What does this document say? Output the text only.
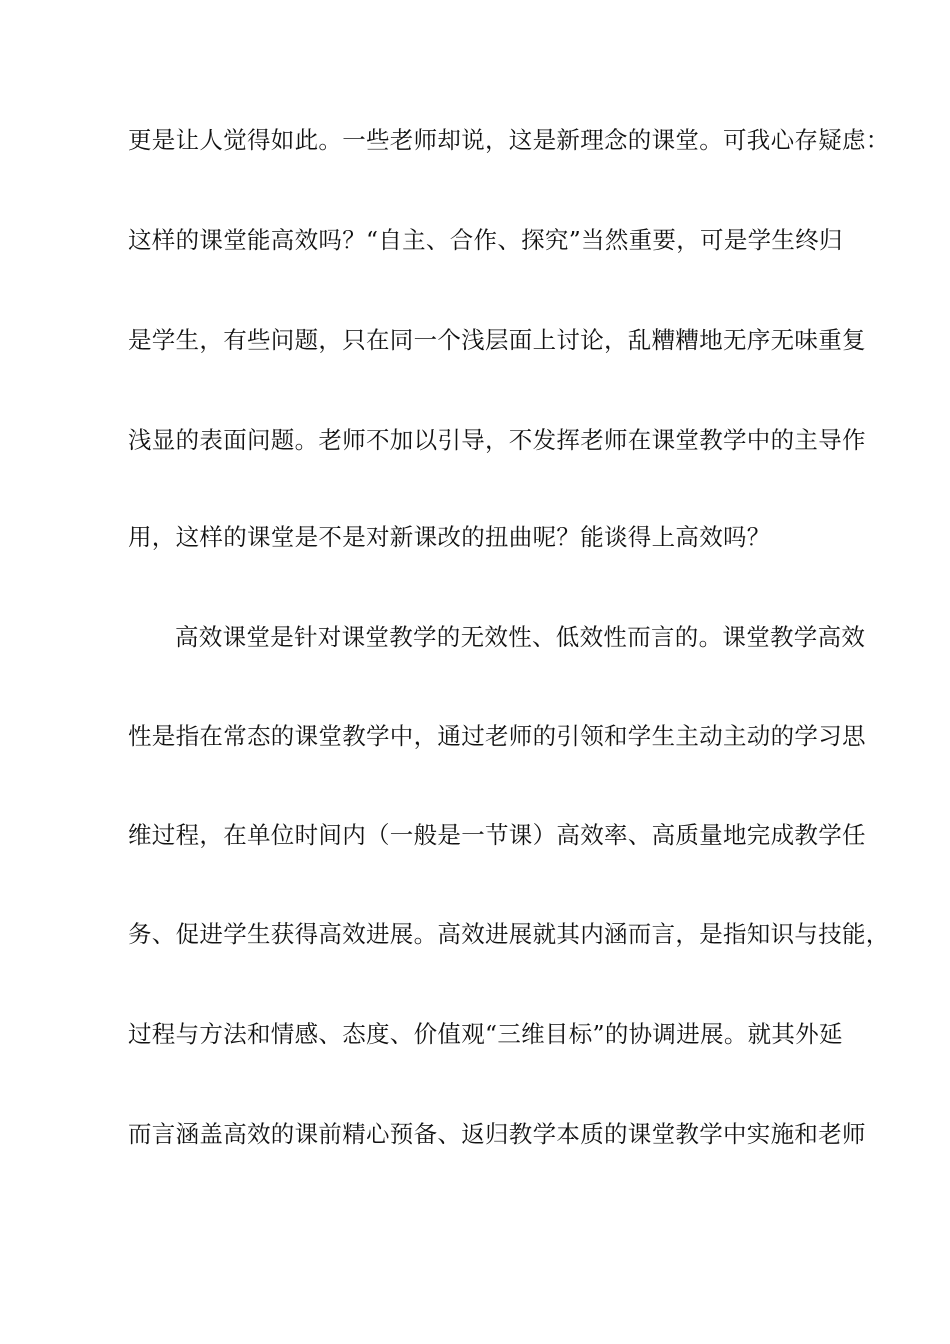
更是让人觉得如此。一些老师却说，这是新理念的课堂。可我心存疑虑：
这样的课堂能高效吗？“自主、合作、探究”当然重要，可是学生终归
是学生，有些问题，只在同一个浅层面上讨论，乱糟糟地无序无味重复
浅显的表面问题。老师不加以引导，不发挥老师在课堂教学中的主导作
用，这样的课堂是不是对新课改的扭曲呢？能谈得上高效吗？
高效课堂是针对课堂教学的无效性、低效性而言的。课堂教学高效
性是指在常态的课堂教学中，通过老师的引领和学生主动主动的学习思
维过程，在单位时间内（一般是一节课）高效率、高质量地完成教学任
务、促进学生获得高效进展。高效进展就其内涵而言，是指知识与技能，
过程与方法和情感、态度、价值观“三维目标”的协调进展。就其外延
而言涵盖高效的课前精心预备、返归教学本质的课堂教学中实施和老师
